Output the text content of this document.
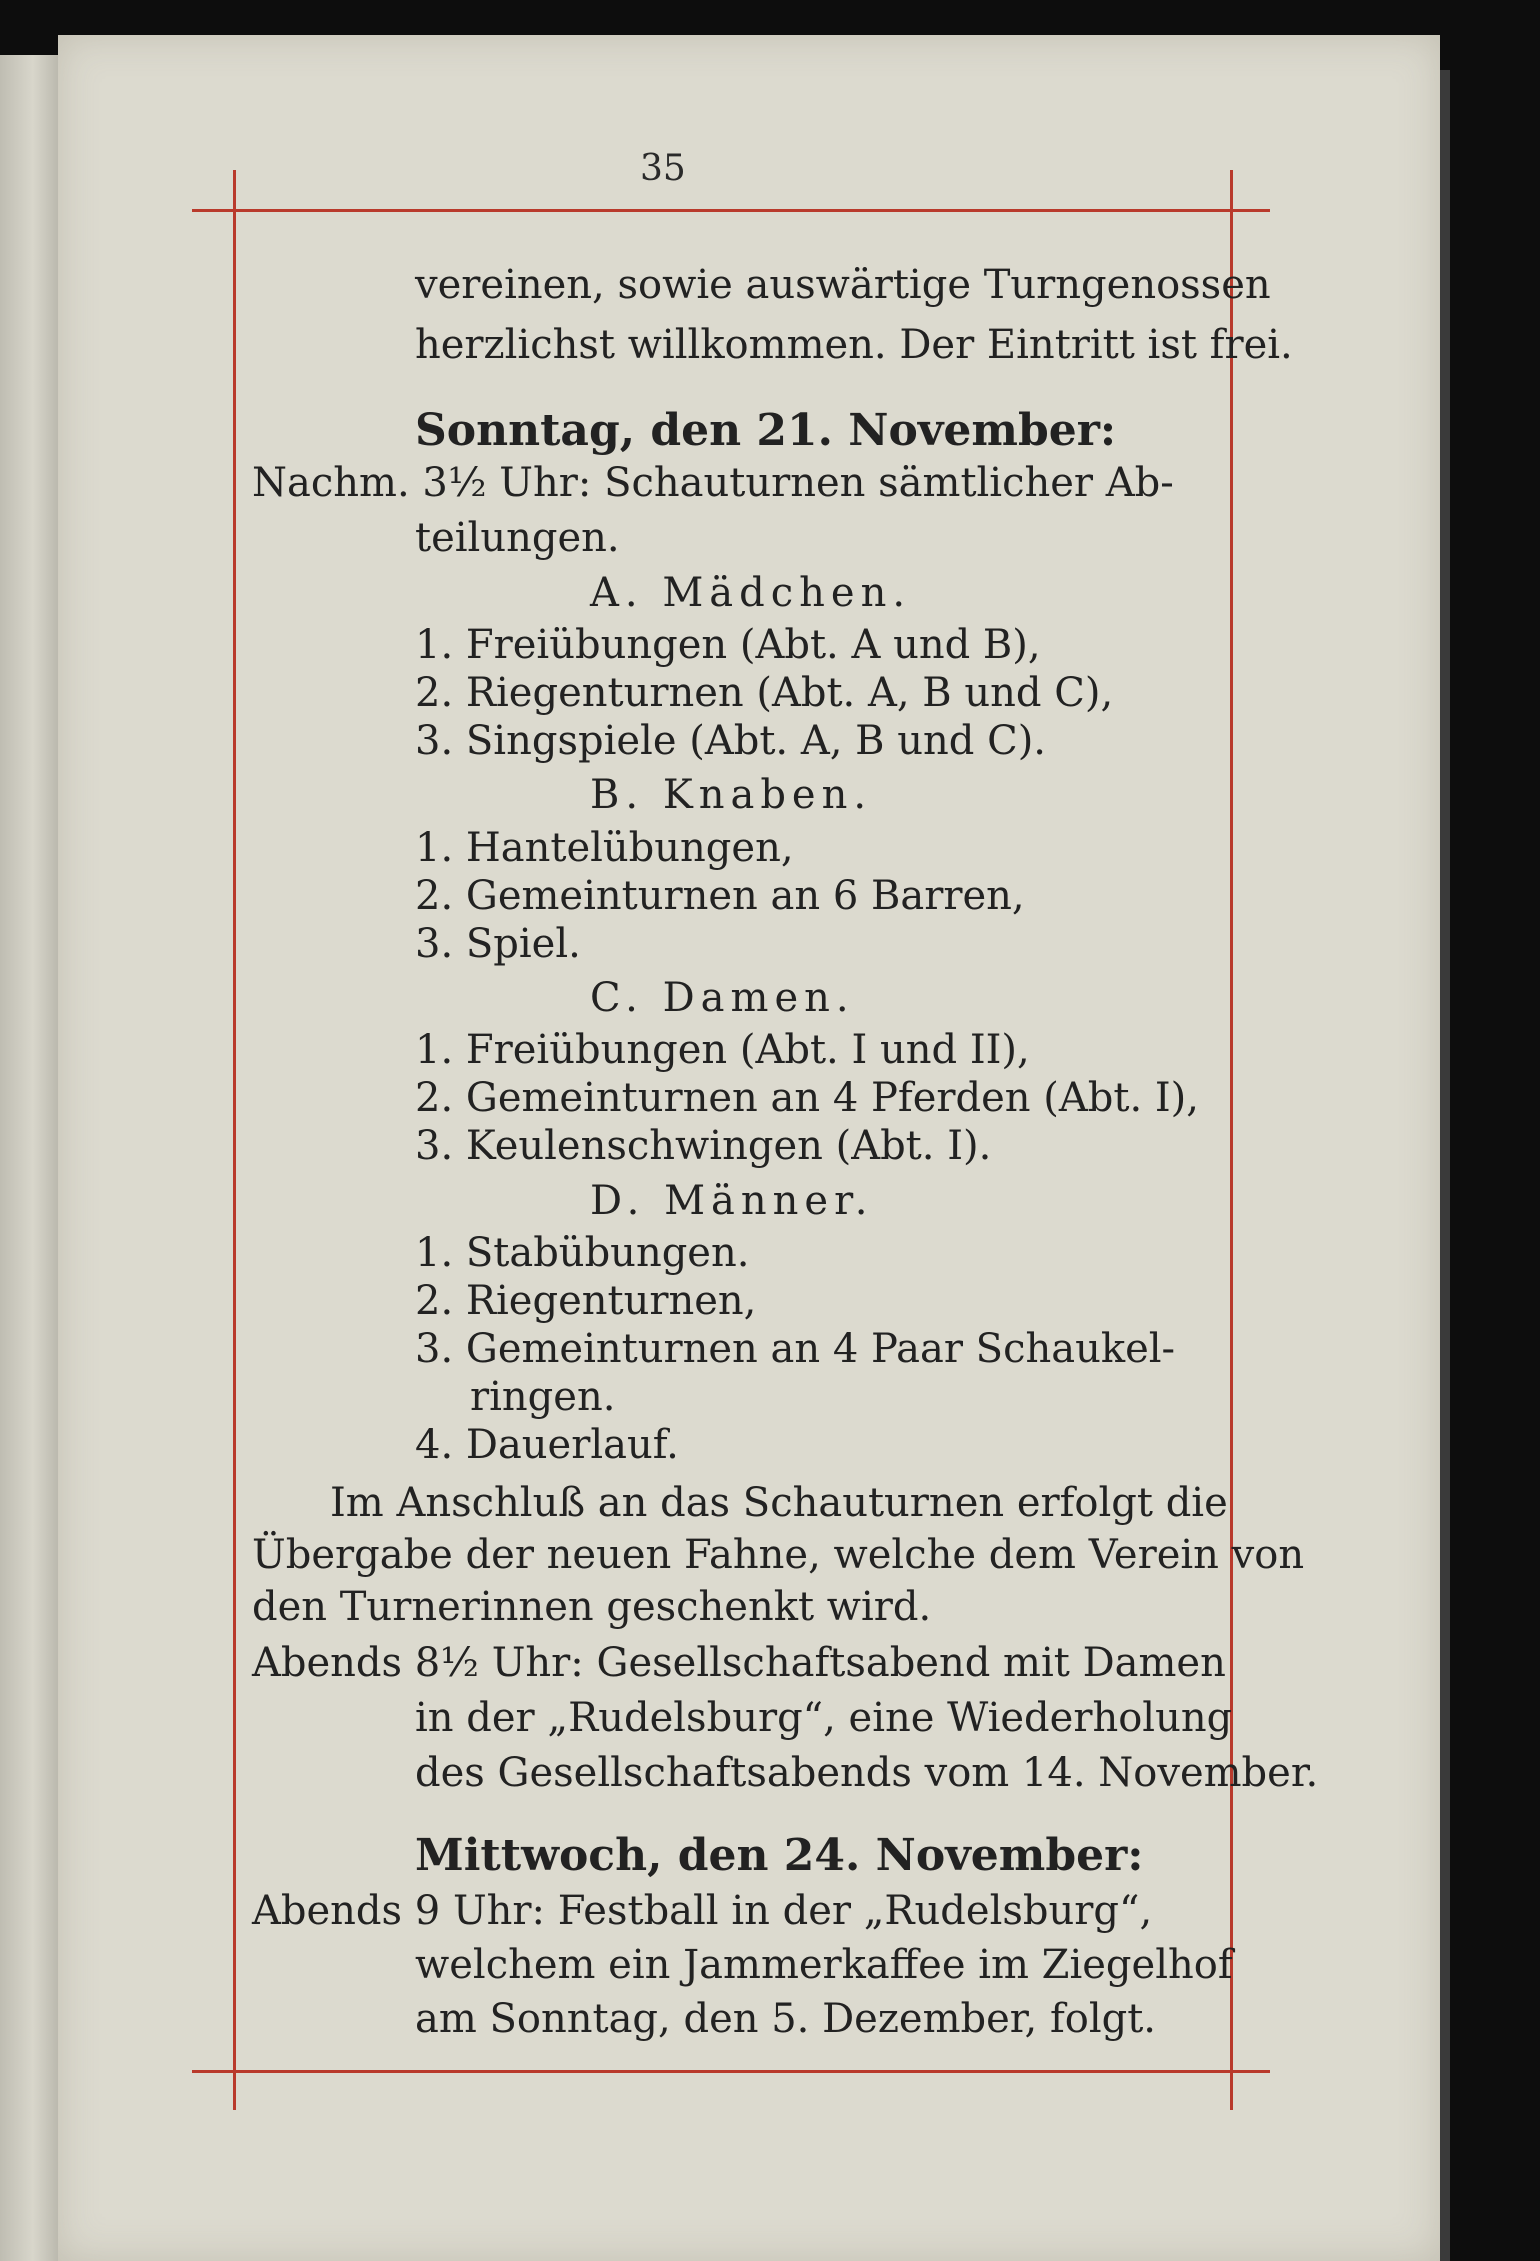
35
vereinen, sowie auswärtige Turngenossen
herzlichst willkommen. Der Eintritt ist frei.
Sonntag, den 21. November:
Nachm. 3½ Uhr: Schauturnen sämtlicher Ab-
teilungen.
A. Mädchen.
1. Freiübungen (Abt. A und B),
2. Riegenturnen (Abt. A, B und C),
3. Singspiele (Abt. A, B und C).
B. Knaben.
1. Hantelübungen,
2. Gemeinturnen an 6 Barren,
3. Spiel.
C. Damen.
1. Freiübungen (Abt. I und II),
2. Gemeinturnen an 4 Pferden (Abt. I),
3. Keulenschwingen (Abt. I).
D. Männer.
1. Stabübungen.
2. Riegenturnen,
3. Gemeinturnen an 4 Paar Schaukel-
ringen.
4. Dauerlauf.
Im Anschluß an das Schauturnen erfolgt die
Übergabe der neuen Fahne, welche dem Verein von
den Turnerinnen geschenkt wird.
Abends 8½ Uhr: Gesellschaftsabend mit Damen
in der „Rudelsburg“, eine Wiederholung
des Gesellschaftsabends vom 14. November.
Mittwoch, den 24. November:
Abends 9 Uhr: Festball in der „Rudelsburg“,
welchem ein Jammerkaffee im Ziegelhof
am Sonntag, den 5. Dezember, folgt.
